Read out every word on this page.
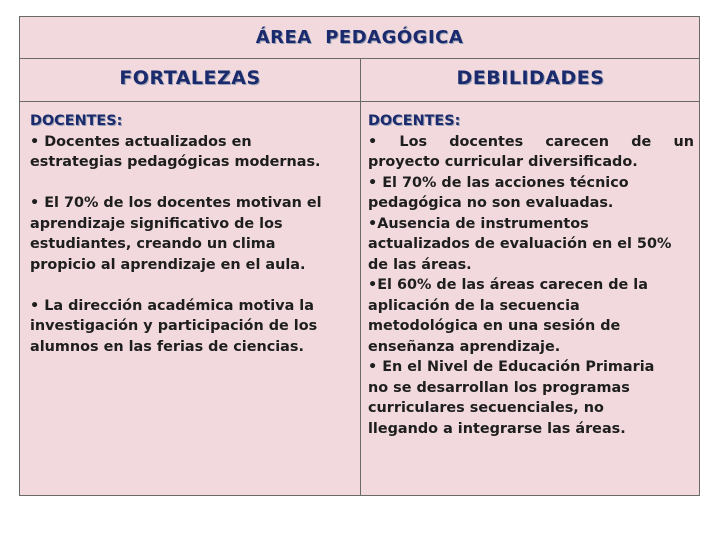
ÁREA  PEDAGÓGICA
FORTALEZAS	DEBILIDADES
DOCENTES:
• Docentes actualizados en
estrategias pedagógicas modernas.
• El 70% de los docentes motivan el
aprendizaje significativo de los
estudiantes, creando un clima
propicio al aprendizaje en el aula.
• La dirección académica motiva la
investigación y participación de los
alumnos en las ferias de ciencias.
DOCENTES:
• Los docentes carecen de un
proyecto curricular diversificado.
• El 70% de las acciones técnico
pedagógica no son evaluadas.
•Ausencia de instrumentos
actualizados de evaluación en el 50%
de las áreas.
•El 60% de las áreas carecen de la
aplicación de la secuencia
metodológica en una sesión de
enseñanza aprendizaje.
• En el Nivel de Educación Primaria
no se desarrollan los programas
curriculares secuenciales, no
llegando a integrarse las áreas.
